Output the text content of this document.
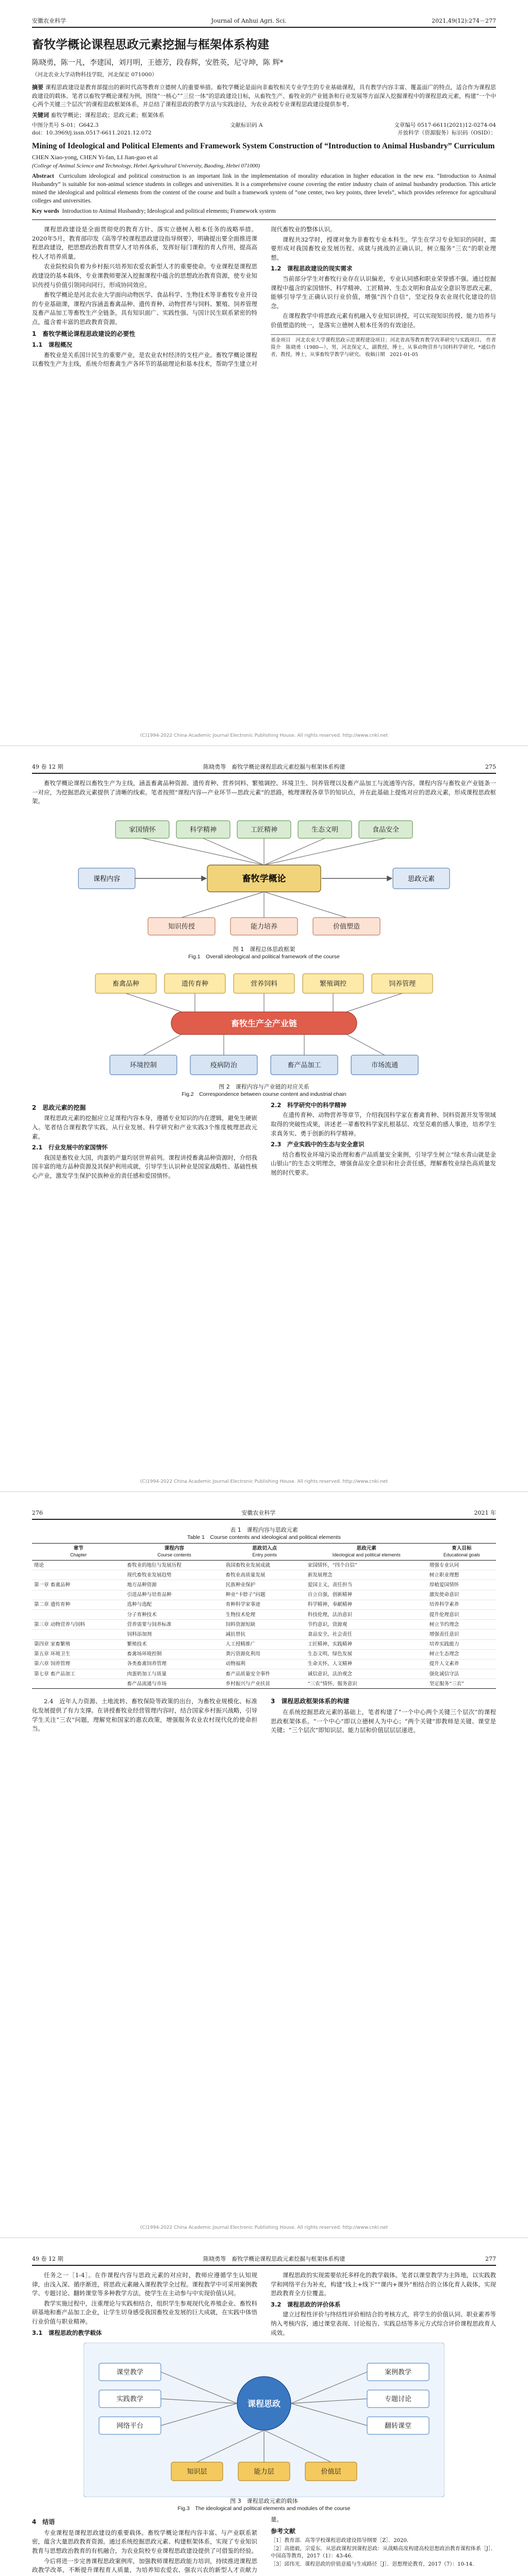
安徽农业科学	Journal of Anhui Agri. Sci.	2021,49(12):274－277
畜牧学概论课程思政元素挖掘与框架体系构建
陈晓勇，陈一凡，李建国，刘月明，王德芳，段春辉，安胜英，尼守坤，陈 辉*
（河北农业大学动物科技学院，河北保定 071000）

摘要 课程思政建设是教育部提出的新时代高等教育立德树人的重要举措。畜牧学概论是面向非畜牧相关专业学生的专业基础课程，具有教学内容丰富、覆盖面广的特点，适合作为课程思政建设的载体。笔者以畜牧学概论课程为例，围绕“一核心”“三位一体”的思政建设目标，从畜牧生产、畜牧业的产业链条和行业发展等方面深入挖掘课程中的课程思政元素，构建“一个中心两个关键三个层次”的课程思政框架体系，并总结了课程思政的教学方法与实践途径，为农业高校专业课程思政建设提供参考。

关键词 畜牧学概论；课程思政；思政元素；框架体系

中图分类号 S-01；G642.3	文献标识码 A	文章编号 0517-6611(2021)12-0274-04
doi：10.3969/j.issn.0517-6611.2021.12.072	开放科学（资源服务）标识码（OSID）：
Mining of Ideological and Political Elements and Framework System Construction of “Introduction to Animal Husbandry” Curriculum
CHEN Xiao-yong, CHEN Yi-fan, LI Jian-guo et al
(College of Animal Science and Technology, Hebei Agricultural University, Baoding, Hebei 071000)

Abstract Curriculum ideological and political construction is an important link in the implementation of morality education in higher education in the new era. “Introduction to Animal Husbandry” is suitable for non-animal science students in colleges and universities. It is a comprehensive course covering the entire industry chain of animal husbandry production. This article mined the ideological and political elements from the content of the course and built a framework system of “one center, two key points, three levels”, which provides reference for agricultural colleges and universities.

Key words Introduction to Animal Husbandry; Ideological and political elements; Framework system

课程思政建设是全面贯彻党的教育方针、落实立德树人根本任务的战略举措。2020年5月，教育部印发《高等学校课程思政建设指导纲要》，明确提出要全面推进课程思政建设，把思想政治教育贯穿人才培养体系，发挥好每门课程的育人作用，提高高校人才培养质量。

农业院校肩负着为乡村振兴培养知农爱农新型人才的重要使命。专业课程是课程思政建设的基本载体，专业课教师要深入挖掘课程中蕴含的思想政治教育资源，使专业知识传授与价值引领同向同行，形成协同效应。

畜牧学概论是河北农业大学面向动物医学、食品科学、生物技术等非畜牧专业开设的专业基础课，课程内容涵盖畜禽品种、遗传育种、动物营养与饲料、繁殖、饲养管理及畜产品加工等畜牧生产全链条，具有知识面广、实践性强、与国计民生联系紧密的特点，蕴含着丰富的思政教育资源。

1　畜牧学概论课程思政建设的必要性
1.1　课程概况

畜牧业是关系国计民生的重要产业，是农业农村经济的支柱产业。畜牧学概论课程以畜牧生产为主线，系统介绍畜禽生产各环节的基础理论和基本技术，帮助学生建立对现代畜牧业的整体认识。

课程共32学时，授课对象为非畜牧专业本科生。学生在学习专业知识的同时，需要形成对我国畜牧业发展历程、成就与挑战的正确认识，树立服务“三农”的职业理想。

1.2　课程思政建设的现实需求

当前部分学生对畜牧行业存在认识偏差，专业认同感和职业荣誉感不强。通过挖掘课程中蕴含的家国情怀、科学精神、工匠精神、生态文明和食品安全意识等思政元素，能够引导学生正确认识行业价值，增强“四个自信”，坚定投身农业现代化建设的信念。

在课程教学中将思政元素有机融入专业知识讲授，可以实现知识传授、能力培养与价值塑造的统一，是落实立德树人根本任务的有效途径。

基金项目　河北农业大学课程思政示范课程建设项目；河北省高等教育教学改革研究与实践项目。 作者简介　陈晓勇（1980—），男，河北保定人，副教授，博士，从事动物营养与饲料科学研究。*通信作者，教授，博士，从事畜牧学教学与研究。 收稿日期　2021-01-05

(C)1994-2022 China Academic Journal Electronic Publishing House. All rights reserved. http://www.cnki.net
49 卷 12 期	陈晓勇等　畜牧学概论课程思政元素挖掘与框架体系构建	275

畜牧学概论课程以畜牧生产为主线，涵盖畜禽品种资源、遗传育种、营养饲料、繁殖调控、环境卫生、饲养管理以及畜产品加工与流通等内容。课程内容与畜牧业产业链条一一对应，为挖掘思政元素提供了清晰的线索。笔者按照“课程内容—产业环节—思政元素”的思路，梳理课程各章节的知识点，并在此基础上提炼对应的思政元素，形成课程思政框架。

畜牧学概论
家国情怀	科学精神	工匠精神	生态文明	食品安全
知识传授	能力培养	价值塑造
课程内容	思政元素
图 1　课程总体思政框架
Fig.1　Overall ideological and political framework of the course
畜禽品种	遗传育种	营养饲料	繁殖调控	饲养管理
畜牧生产全产业链
环境控制	疫病防治	畜产品加工	市场流通
图 2　课程内容与产业链的对应关系
Fig.2　Correspondence between course content and industrial chain
2　思政元素的挖掘

课程思政元素的挖掘应立足课程内容本身，遵循专业知识的内在逻辑，避免生硬嵌入。笔者结合课程教学实践，从行业发展、科学研究和产业实践3个维度梳理思政元素。

2.1　行业发展中的家国情怀

我国是畜牧业大国，肉蛋奶产量均居世界前列。课程讲授畜禽品种资源时，介绍我国丰富的地方品种资源及其保护利用成就，引导学生认识种业是国家战略性、基础性核心产业，激发学生保护民族种业的责任感和爱国情怀。

2.2　科学研究中的科学精神

在遗传育种、动物营养等章节，介绍我国科学家在畜禽育种、饲料资源开发等领域取得的突破性成果，讲述老一辈畜牧科学家扎根基层、攻坚克难的感人事迹，培养学生求真务实、勇于创新的科学精神。

2.3　产业实践中的生态与安全意识

结合畜牧业环境污染治理和畜产品质量安全案例，引导学生树立“绿水青山就是金山银山”的生态文明理念，增强食品安全意识和社会责任感，理解畜牧业绿色高质量发展的时代要求。

(C)1994-2022 China Academic Journal Electronic Publishing House. All rights reserved. http://www.cnki.net
276	安徽农业科学	2021 年
表 1　课程内容与思政元素
Table 1　Course contents and ideological and political elements
章节
Chapter	课程内容
Course contents	思政切入点
Entry points	思政元素
Ideological and political elements	育人目标
Educational goals

绪论	畜牧业的地位与发展历程	我国畜牧业发展成就	家国情怀，“四个自信”	增强专业认同
	现代畜牧业发展趋势	畜牧业高质量发展	新发展理念	树立职业理想
第一章 畜禽品种	地方品种资源	民族种业保护	爱国主义，责任担当	厚植爱国情怀
	引进品种与培育品种	种业“卡脖子”问题	自立自强，创新精神	激发使命意识
第二章 遗传育种	选种与选配	育种科学家事迹	科学精神，奉献精神	培养科学素养
	分子育种技术	生物技术伦理	科技伦理，法治意识	提升伦理意识
第三章 动物营养与饲料	营养需要与饲养标准	饲料资源短缺	节约意识，资源观	树立节约理念
	饲料添加剂	减抗替抗	食品安全，社会责任	增强责任意识
第四章 家畜繁殖	繁殖技术	人工授精推广	工匠精神，实践精神	培养实践能力
第五章 环境卫生	畜禽场环境控制	粪污资源化利用	生态文明，绿色发展	树立生态理念
第六章 饲养管理	各类畜禽饲养管理	动物福利	生命关怀，人文精神	提升人文素养
第七章 畜产品加工	肉蛋奶加工与质量	畜产品质量安全事件	诚信意识，法治观念	强化诚信守法
	畜产品流通与市场	乡村振兴与产业扶贫	“三农”情怀，服务意识	坚定服务“三农”

2.4　近年人力资源、土地流转、畜牧保险等政策的出台，为畜牧业规模化、标准化发展提供了有力支撑。在讲授畜牧业经营管理内容时，结合国家乡村振兴战略，引导学生关注“三农”问题，理解党和国家的惠农政策，增强服务农业农村现代化的使命担当。

3　课程思政框架体系的构建

在系统挖掘思政元素的基础上，笔者构建了“一个中心两个关键三个层次”的课程思政框架体系。“一个中心”即以立德树人为中心；“两个关键”即教师是关键、课堂是关键；“三个层次”即知识层、能力层和价值层层层递进。

(C)1994-2022 China Academic Journal Electronic Publishing House. All rights reserved. http://www.cnki.net
49 卷 12 期	陈晓勇等　畜牧学概论课程思政元素挖掘与框架体系构建	277

任务之一［1-4］。在作课程内容与思政元素的对应时，教师应遵循学生认知规律，由浅入深、循序渐进，将思政元素融入课程教学全过程。课程教学中可采用案例教学、专题讨论、翻转课堂等多种教学方法，使学生在主动参与中实现价值认同。

教学实施过程中，注重理论与实践相结合，组织学生参观现代化养殖企业、畜牧科研基地和畜产品加工企业，让学生切身感受我国畜牧业发展的巨大成就，在实践中体悟行业价值与职业精神。

3.1　课程思政的教学载体

课程思政的实现需要依托多样化的教学载体。笔者以课堂教学为主阵地，以实践教学和网络平台为补充，构建“线上+线下”“课内+课外”相结合的立体化育人载体，实现思政教育全方位覆盖。

3.2　课程思政的评价体系

建立过程性评价与终结性评价相结合的考核方式，将学生的价值认同、职业素养等纳入考核内容，通过课堂表现、讨论报告、实践总结等多元方式综合评价课程思政育人成效。

课程思政
课堂教学
实践教学
网络平台
案例教学
专题讨论
翻转课堂
知识层	能力层	价值层
图 3　课程思政元素的载体
Fig.3　The ideological and political elements and modules of the course
4　结语

专业课程是课程思政建设的重要载体。畜牧学概论课程内容丰富、与产业联系紧密，蕴含大量思政教育资源。通过系统挖掘思政元素、构建框架体系，实现了专业知识教育与思想政治教育的有机融合，为农业院校专业课程思政建设提供了可借鉴的经验。

今后将进一步完善课程思政案例库，加强教师课程思政能力培训，持续推进课程思政教学改革，不断提升课程育人质量，为培养知农爱农、强农兴农的新型人才贡献力量。

参考文献

［1］教育部．高等学校课程思政建设指导纲要［Z］．2020．

［2］高德毅，宗爱东．从思政课程到课程思政：从战略高度构建高校思想政治教育课程体系［J］．中国高等教育，2017（1）：43-46．

［3］邱伟光．课程思政的价值意蕴与生成路径［J］．思想理论教育，2017（7）：10-14．
